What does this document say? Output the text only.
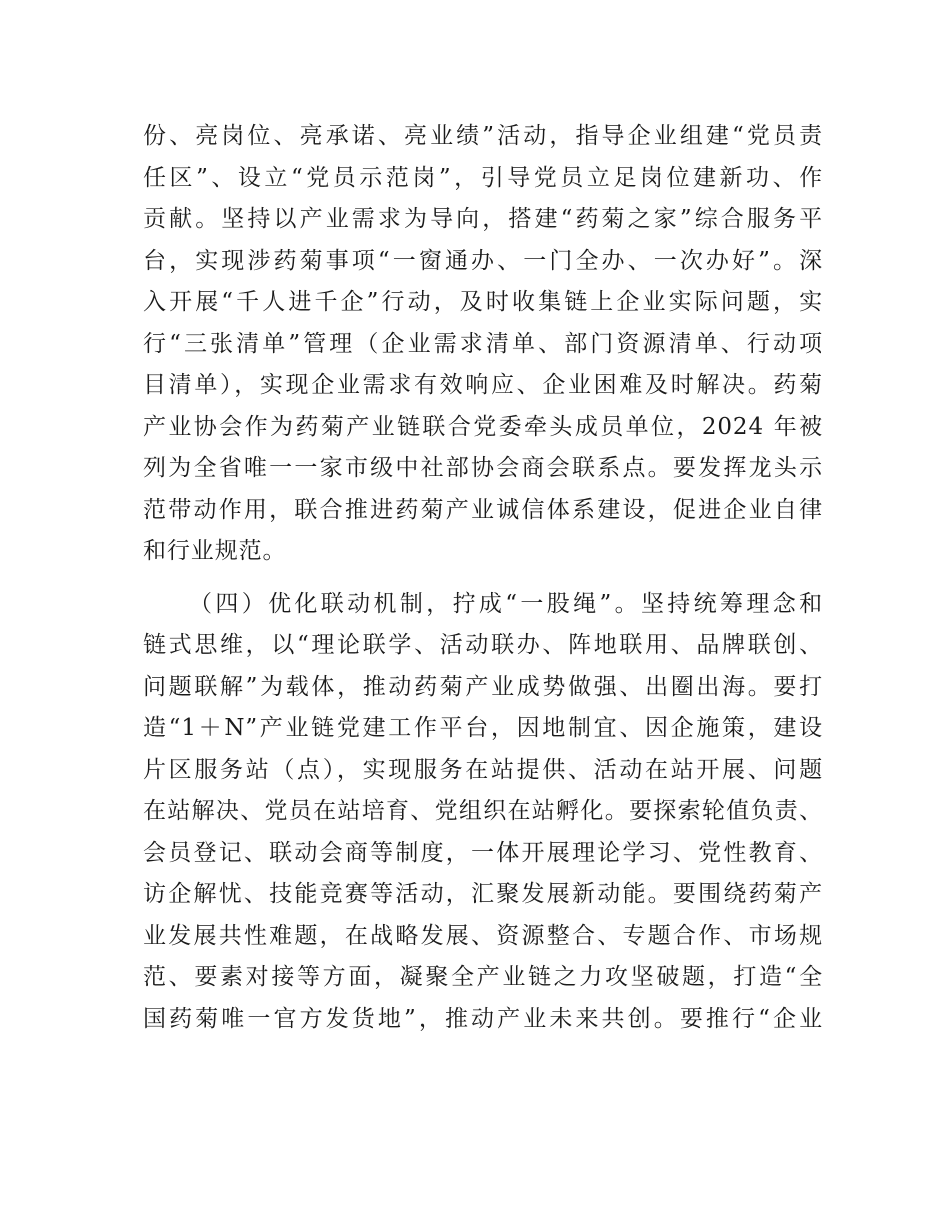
份、亮岗位、亮承诺、亮业绩”活动，指导企业组建“党员责
任区”、设立“党员示范岗”，引导党员立足岗位建新功、作
贡献。坚持以产业需求为导向，搭建“药菊之家”综合服务平
台，实现涉药菊事项“一窗通办、一门全办、一次办好”。深
入开展“千人进千企”行动，及时收集链上企业实际问题，实
行“三张清单”管理（企业需求清单、部门资源清单、行动项
目清单），实现企业需求有效响应、企业困难及时解决。药菊
产业协会作为药菊产业链联合党委牵头成员单位，2024 年被
列为全省唯一一家市级中社部协会商会联系点。要发挥龙头示
范带动作用，联合推进药菊产业诚信体系建设，促进企业自律
和行业规范。
（四）优化联动机制，拧成“一股绳”。坚持统筹理念和
链式思维，以“理论联学、活动联办、阵地联用、品牌联创、
问题联解”为载体，推动药菊产业成势做强、出圈出海。要打
造“1＋N”产业链党建工作平台，因地制宜、因企施策，建设
片区服务站（点），实现服务在站提供、活动在站开展、问题
在站解决、党员在站培育、党组织在站孵化。要探索轮值负责、
会员登记、联动会商等制度，一体开展理论学习、党性教育、
访企解忧、技能竞赛等活动，汇聚发展新动能。要围绕药菊产
业发展共性难题，在战略发展、资源整合、专题合作、市场规
范、要素对接等方面，凝聚全产业链之力攻坚破题，打造“全
国药菊唯一官方发货地”，推动产业未来共创。要推行“企业
